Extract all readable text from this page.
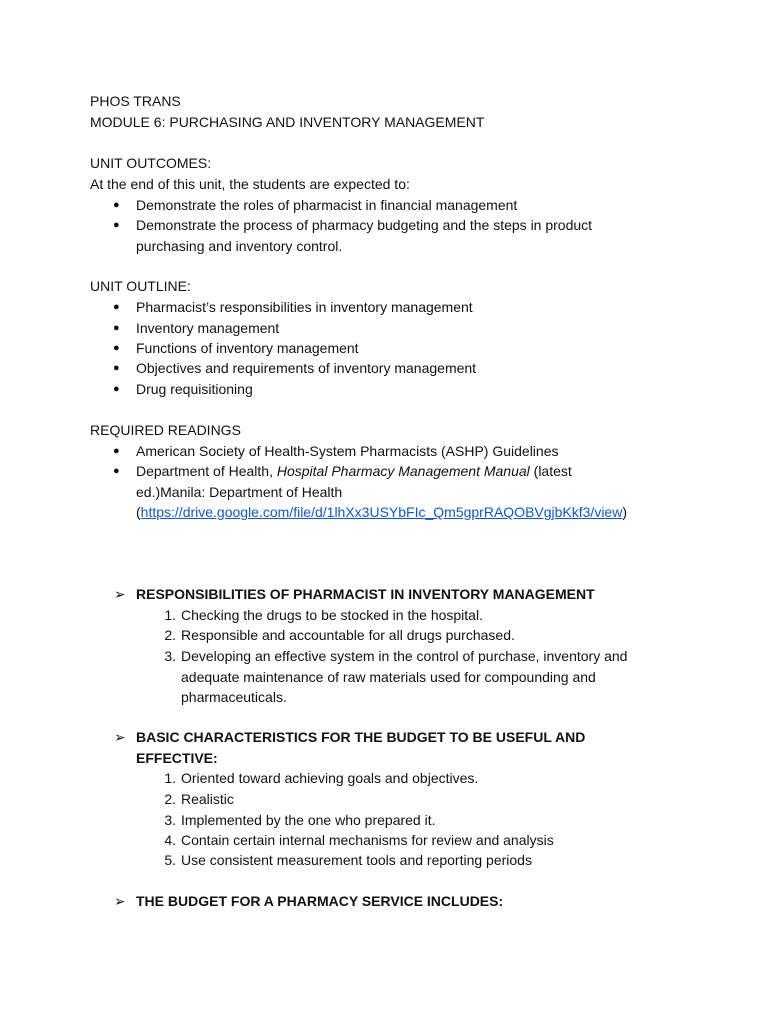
PHOS TRANS
MODULE 6: PURCHASING AND INVENTORY MANAGEMENT
UNIT OUTCOMES:
At the end of this unit, the students are expected to:
● Demonstrate the roles of pharmacist in financial management
● Demonstrate the process of pharmacy budgeting and the steps in product
purchasing and inventory control.
UNIT OUTLINE:
● Pharmacist’s responsibilities in inventory management
● Inventory management
● Functions of inventory management
● Objectives and requirements of inventory management
● Drug requisitioning
REQUIRED READINGS
● American Society of Health-System Pharmacists (ASHP) Guidelines
● Department of Health, Hospital Pharmacy Management Manual (latest
ed.)Manila: Department of Health
(https://drive.google.com/file/d/1lhXx3USYbFIc_Qm5gprRAQOBVgjbKkf3/view)
➢ RESPONSIBILITIES OF PHARMACIST IN INVENTORY MANAGEMENT
1. Checking the drugs to be stocked in the hospital.
2. Responsible and accountable for all drugs purchased.
3. Developing an effective system in the control of purchase, inventory and
adequate maintenance of raw materials used for compounding and
pharmaceuticals.
➢ BASIC CHARACTERISTICS FOR THE BUDGET TO BE USEFUL AND
EFFECTIVE:
1. Oriented toward achieving goals and objectives.
2. Realistic
3. Implemented by the one who prepared it.
4. Contain certain internal mechanisms for review and analysis
5. Use consistent measurement tools and reporting periods
➢ THE BUDGET FOR A PHARMACY SERVICE INCLUDES:
